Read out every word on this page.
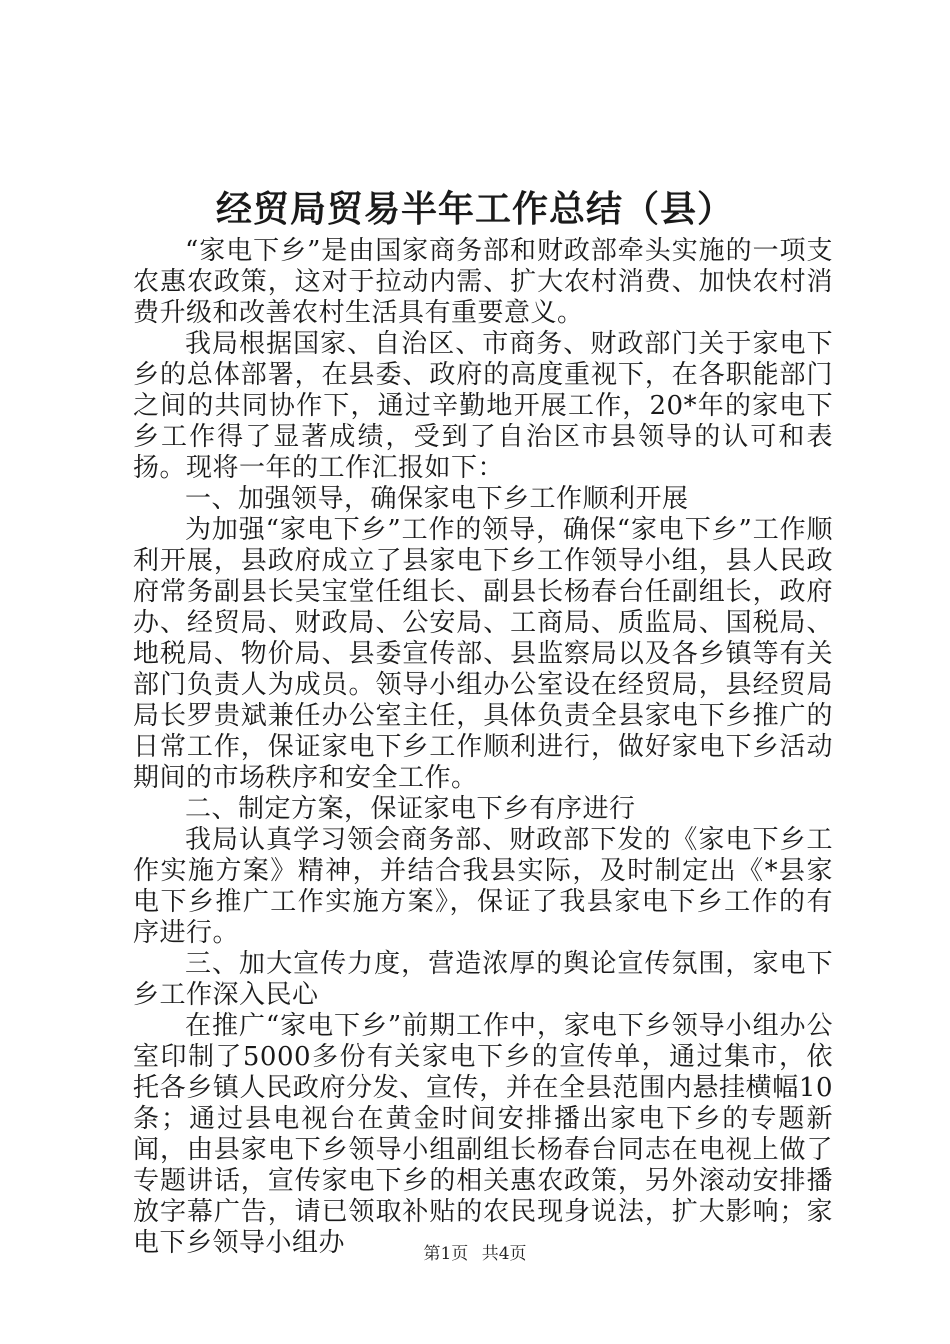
经贸局贸易半年工作总结（县）

“家电下乡”是由国家商务部和财政部牵头实施的一项支农惠农政策，这对于拉动内需、扩大农村消费、加快农村消费升级和改善农村生活具有重要意义。

我局根据国家、自治区、市商务、财政部门关于家电下乡的总体部署，在县委、政府的高度重视下，在各职能部门之间的共同协作下，通过辛勤地开展工作，20*年的家电下乡工作得了显著成绩，受到了自治区市县领导的认可和表扬。现将一年的工作汇报如下：

一、加强领导，确保家电下乡工作顺利开展

为加强“家电下乡”工作的领导，确保“家电下乡”工作顺利开展，县政府成立了县家电下乡工作领导小组，县人民政府常务副县长吴宝堂任组长、副县长杨春台任副组长，政府办、经贸局、财政局、公安局、工商局、质监局、国税局、地税局、物价局、县委宣传部、县监察局以及各乡镇等有关部门负责人为成员。领导小组办公室设在经贸局，县经贸局局长罗贵斌兼任办公室主任，具体负责全县家电下乡推广的日常工作，保证家电下乡工作顺利进行，做好家电下乡活动期间的市场秩序和安全工作。

二、制定方案，保证家电下乡有序进行

我局认真学习领会商务部、财政部下发的《家电下乡工作实施方案》精神，并结合我县实际，及时制定出《*县家电下乡推广工作实施方案》，保证了我县家电下乡工作的有序进行。

三、加大宣传力度，营造浓厚的舆论宣传氛围，家电下乡工作深入民心

在推广“家电下乡”前期工作中，家电下乡领导小组办公室印制了5000多份有关家电下乡的宣传单，通过集市，依托各乡镇人民政府分发、宣传，并在全县范围内悬挂横幅10条；通过县电视台在黄金时间安排播出家电下乡的专题新闻，由县家电下乡领导小组副组长杨春台同志在电视上做了专题讲话，宣传家电下乡的相关惠农政策，另外滚动安排播放字幕广告，请已领取补贴的农民现身说法，扩大影响；家电下乡领导小组办	第1页 共4页
